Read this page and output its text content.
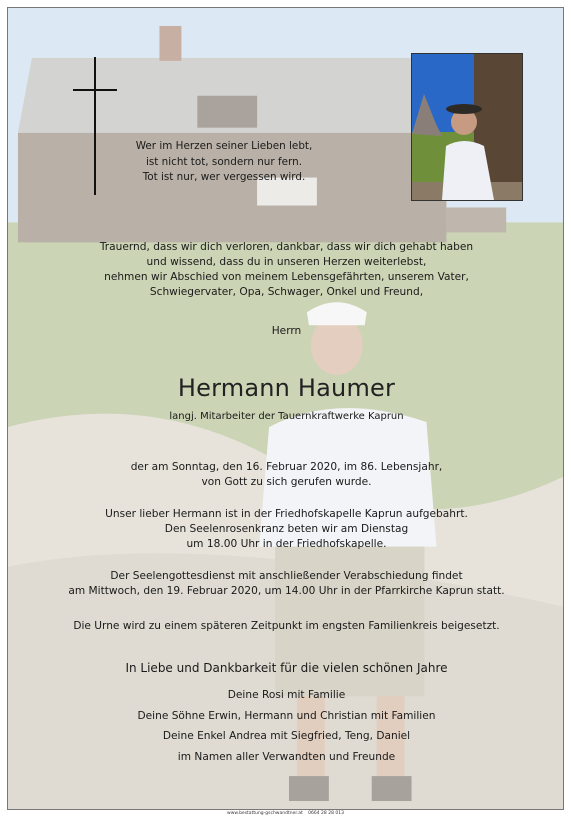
Wer im Herzen seiner Lieben lebt,
ist nicht tot, sondern nur fern.
Tot ist nur, wer vergessen wird.
Trauernd, dass wir dich verloren, dankbar, dass wir dich gehabt haben
und wissend, dass du in unseren Herzen weiterlebst,
nehmen wir Abschied von meinem Lebensgefährten, unserem Vater,
Schwiegervater, Opa, Schwager, Onkel und Freund,
Herrn
Hermann Haumer
langj. Mitarbeiter der Tauernkraftwerke Kaprun
der am Sonntag, den 16. Februar 2020, im 86. Lebensjahr,
von Gott zu sich gerufen wurde.
Unser lieber Hermann ist in der Friedhofskapelle Kaprun aufgebahrt.
Den Seelenrosenkranz beten wir am Dienstag
um 18.00 Uhr in der Friedhofskapelle.
Der Seelengottesdienst mit anschließender Verabschiedung findet
am Mittwoch, den 19. Februar 2020, um 14.00 Uhr in der Pfarrkirche Kaprun statt.
Die Urne wird zu einem späteren Zeitpunkt im engsten Familienkreis beigesetzt.
In Liebe und Dankbarkeit für die vielen schönen Jahre
Deine Rosi mit Familie
Deine Söhne Erwin, Hermann und Christian mit Familien
Deine Enkel Andrea mit Siegfried, Teng, Daniel
im Namen aller Verwandten und Freunde
www.bestattung-gschwandtner.at 0664 28 28 013
